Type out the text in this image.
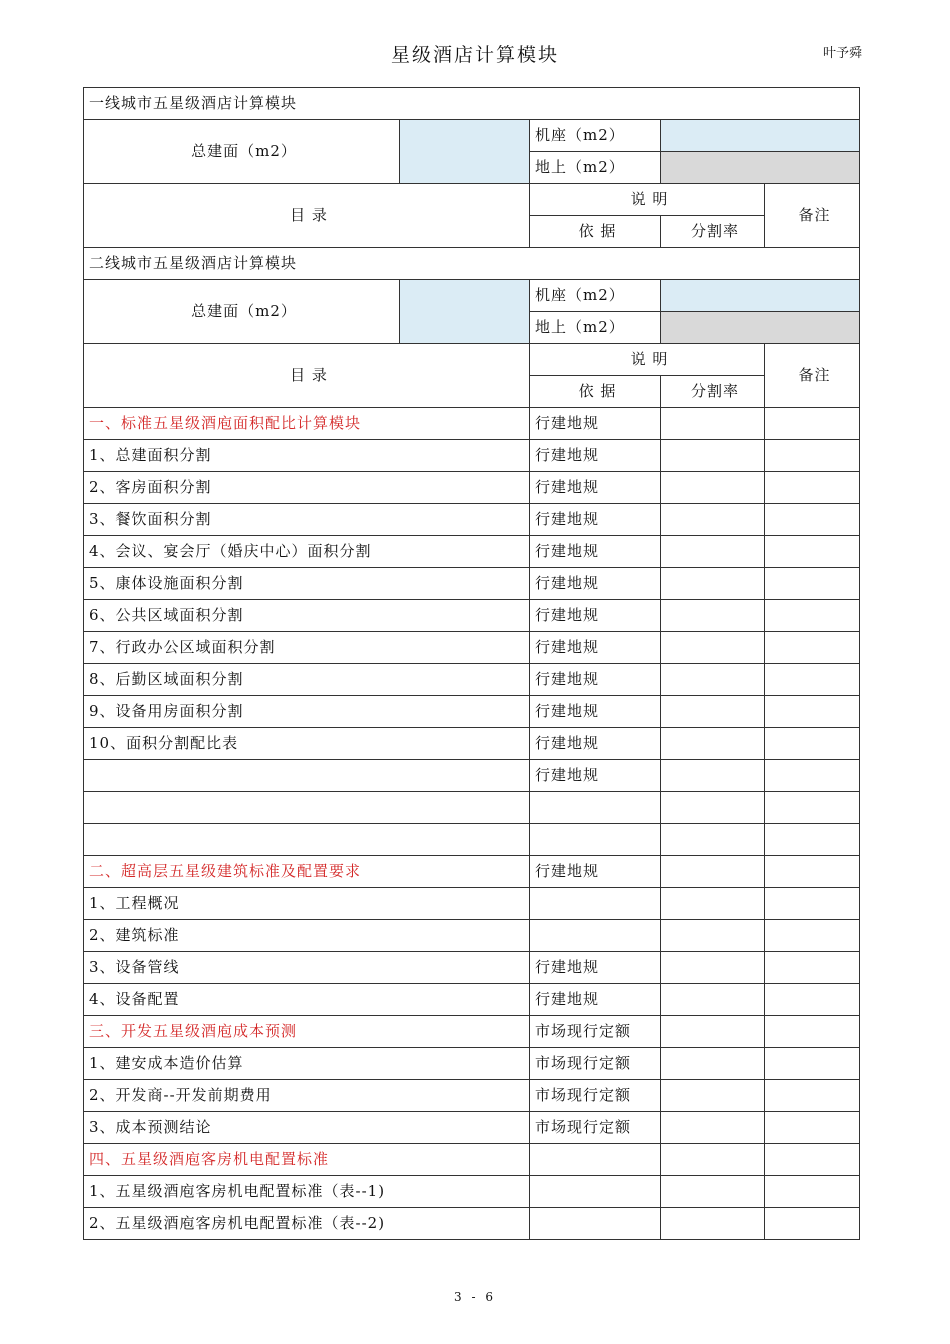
星级酒店计算模块	叶予舜
一线城市五星级酒店计算模块				
总建面（m2）		机座（m2）		
		地上（m2）		
目 录		说 明		备注
		依 据	分割率	
二线城市五星级酒店计算模块				
总建面（m2）		机座（m2）		
		地上（m2）		
目 录		说 明		备注
		依 据	分割率	
一、标准五星级酒庖面积配比计算模块		行建地规		
1、总建面积分割		行建地规		
2、客房面积分割		行建地规		
3、餐饮面积分割		行建地规		
4、会议、宴会厅（婚庆中心）面积分割		行建地规		
5、康体设施面积分割		行建地规		
6、公共区域面积分割		行建地规		
7、行政办公区域面积分割		行建地规		
8、后勤区域面积分割		行建地规		
9、设备用房面积分割		行建地规		
10、面积分割配比表		行建地规		
		行建地规		

二、超高层五星级建筑标准及配置要求		行建地规		
1、工程概况				
2、建筑标准				
3、设备管线		行建地规		
4、设备配置		行建地规		
三、开发五星级酒庖成本预测		市场现行定额		
1、建安成本造价估算		市场现行定额		
2、开发商--开发前期费用		市场现行定额		
3、成本预测结论		市场现行定额		
四、五星级酒庖客房机电配置标准				
1、五星级酒庖客房机电配置标准（表--1)				
2、五星级酒庖客房机电配置标准（表--2)				
3 - 6
